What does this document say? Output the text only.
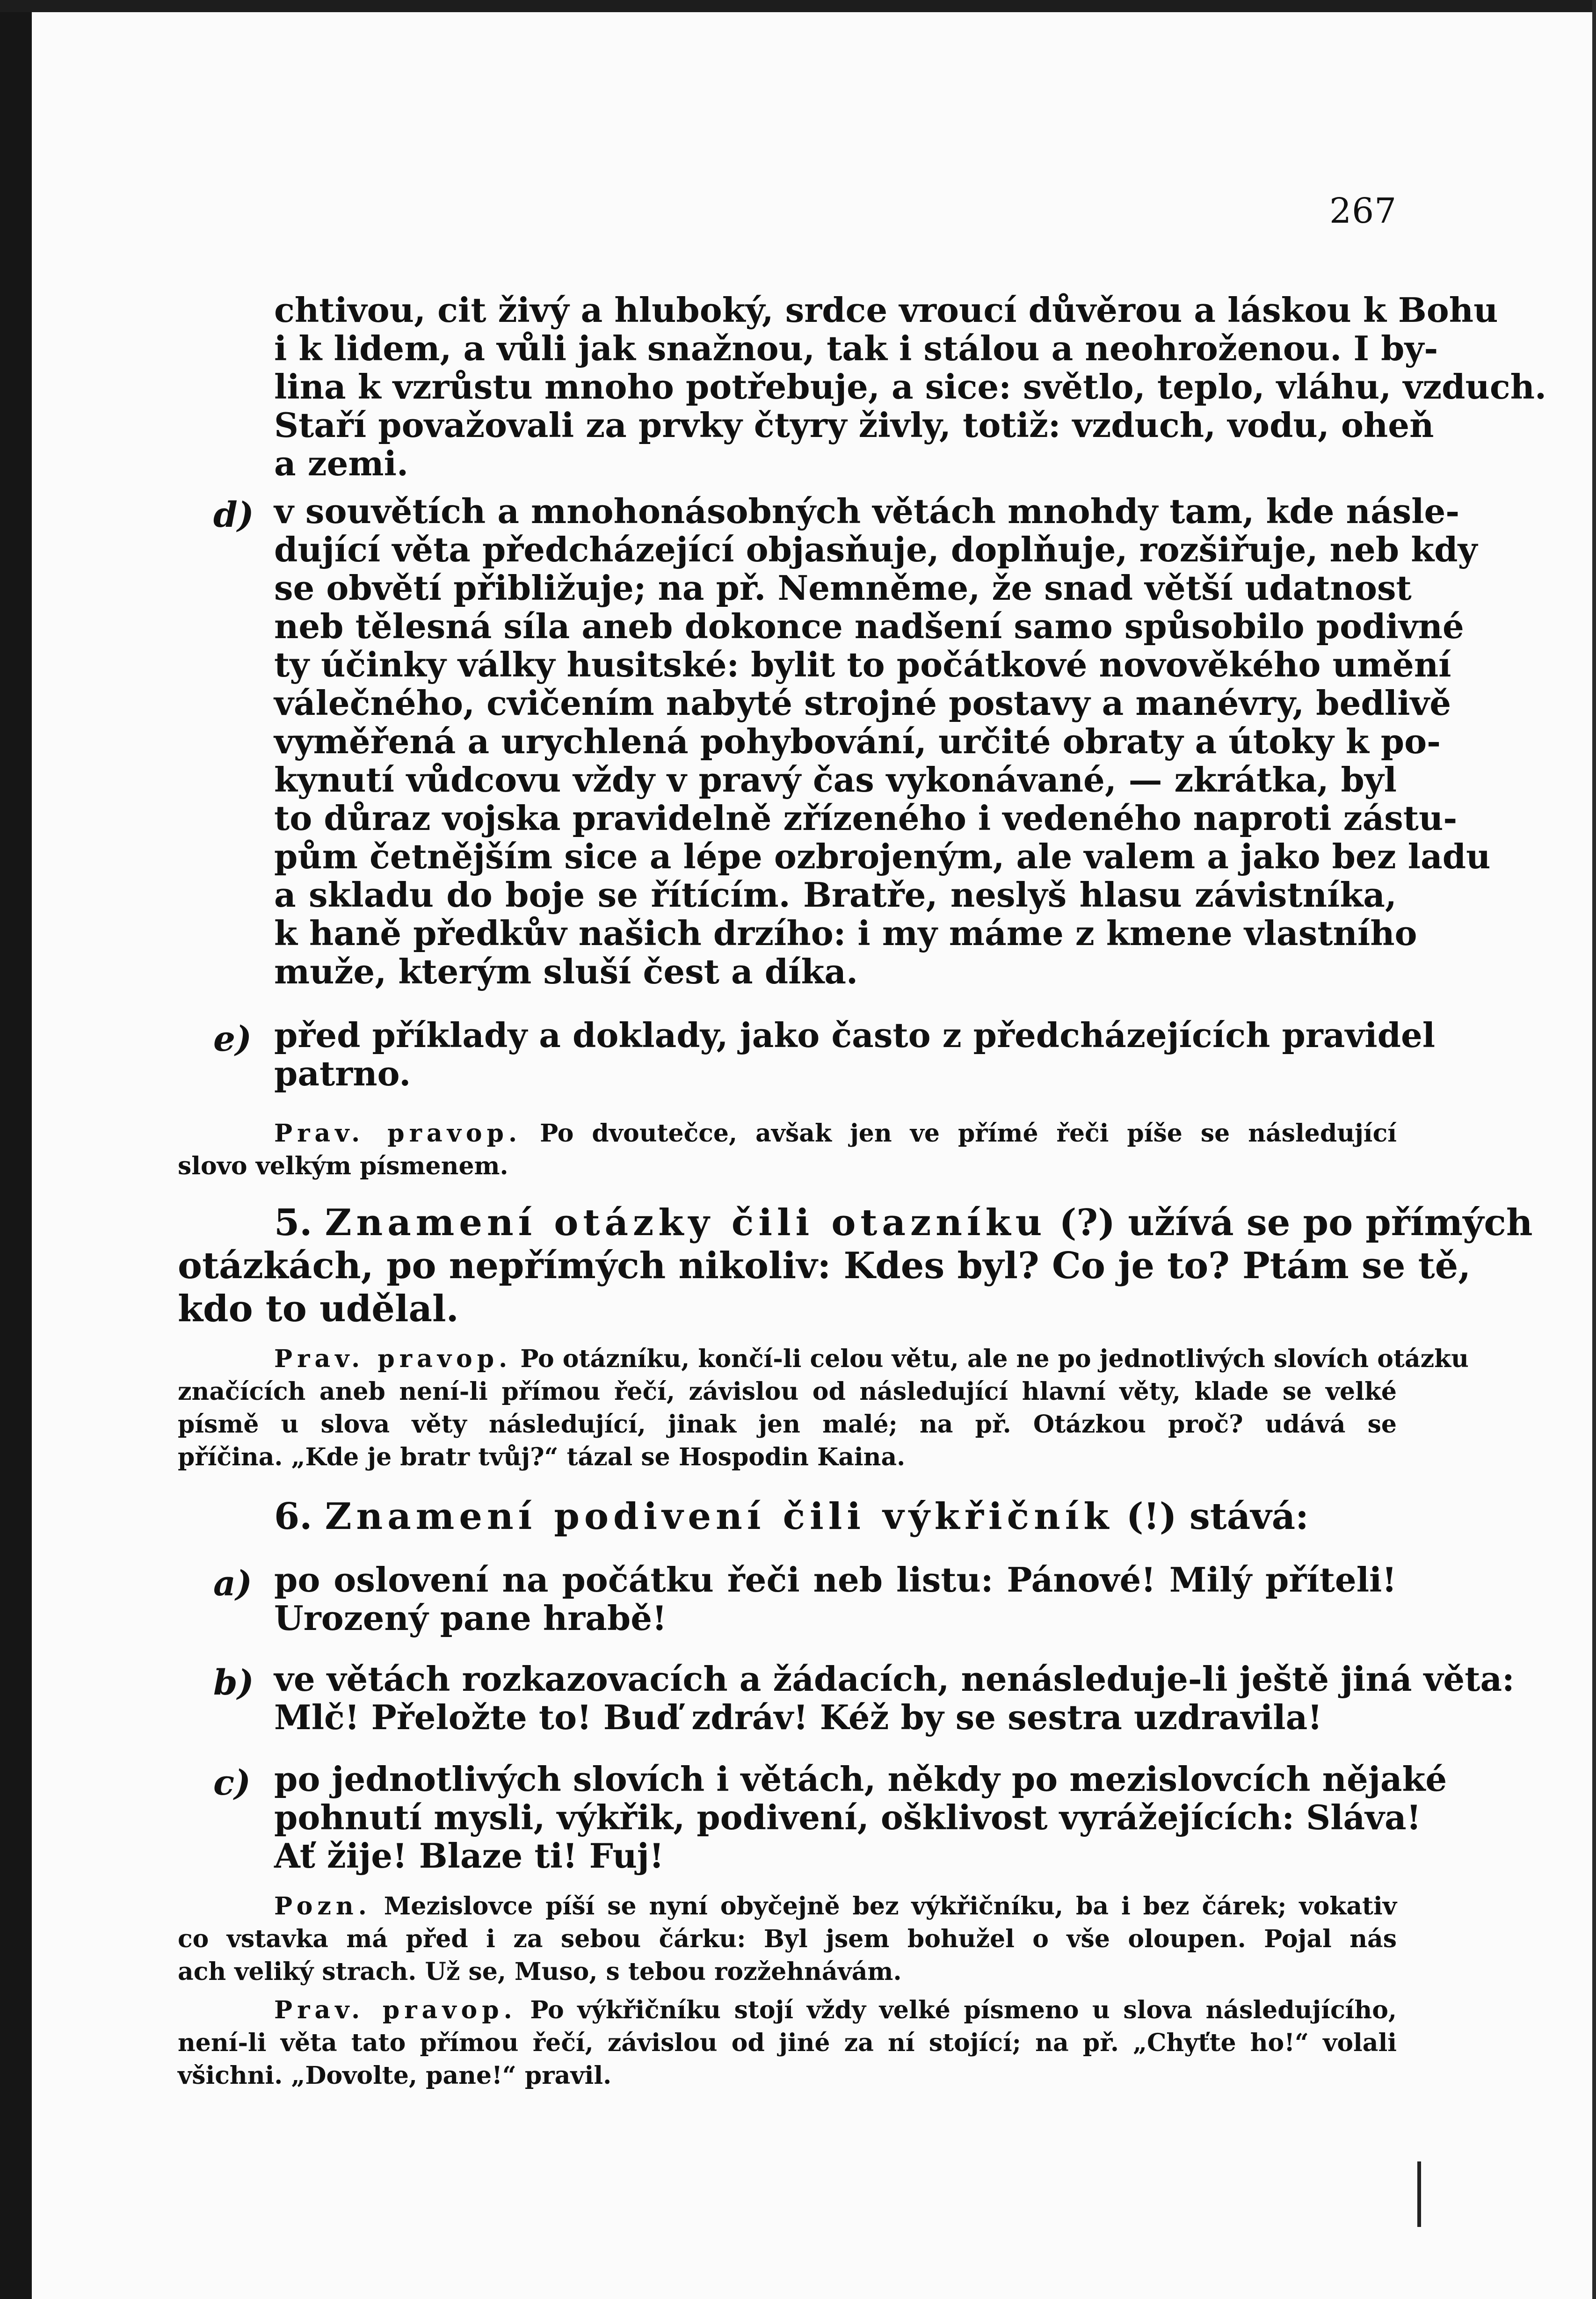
267
chtivou, cit živý a hluboký, srdce vroucí důvěrou a láskou k Bohu
i k lidem, a vůli jak snažnou, tak i stálou a neohroženou. I by-
lina k vzrůstu mnoho potřebuje, a sice: světlo, teplo, vláhu, vzduch.
Staří považovali za prvky čtyry živly, totiž: vzduch, vodu, oheň
a zemi.
d) v souvětích a mnohonásobných větách mnohdy tam, kde násle-
dující věta předcházející objasňuje, doplňuje, rozšiřuje, neb kdy
se obvětí přibližuje; na př. Nemněme, že snad větší udatnost
neb tělesná síla aneb dokonce nadšení samo spůsobilo podivné
ty účinky války husitské: bylit to počátkové novověkého umění
válečného, cvičením nabyté strojné postavy a manévry, bedlivě
vyměřená a urychlená pohybování, určité obraty a útoky k po-
kynutí vůdcovu vždy v pravý čas vykonávané, — zkrátka, byl
to důraz vojska pravidelně zřízeného i vedeného naproti zástu-
pům četnějším sice a lépe ozbrojeným, ale valem a jako bez ladu
a skladu do boje se řítícím. Bratře, neslyš hlasu závistníka,
k haně předkův našich drzího: i my máme z kmene vlastního
muže, kterým sluší čest a díka.
e) před příklady a doklady, jako často z předcházejících pravidel
patrno.
Prav. pravop. Po dvoutečce, avšak jen ve přímé řeči píše se následující
slovo velkým písmenem.
5. Znamení otázky čili otazníku (?) užívá se po přímých
otázkách, po nepřímých nikoliv: Kdes byl? Co je to? Ptám se tě,
kdo to udělal.
Prav. pravop. Po otázníku, končí-li celou větu, ale ne po jednotlivých slovích otázku
značících aneb není-li přímou řečí, závislou od následující hlavní věty, klade se velké
písmě u slova věty následující, jinak jen malé; na př. Otázkou proč? udává se
příčina. „Kde je bratr tvůj?“ tázal se Hospodin Kaina.
6. Znamení podivení čili výkřičník (!) stává:
a) po oslovení na počátku řeči neb listu: Pánové! Milý příteli!
Urozený pane hrabě!
b) ve větách rozkazovacích a žádacích, nenásleduje-li ještě jiná věta:
Mlč! Přeložte to! Buď zdráv! Kéž by se sestra uzdravila!
c) po jednotlivých slovích i větách, někdy po mezislovcích nějaké
pohnutí mysli, výkřik, podivení, ošklivost vyrážejících: Sláva!
Ať žije! Blaze ti! Fuj!
Pozn. Mezislovce píší se nyní obyčejně bez výkřičníku, ba i bez čárek; vokativ
co vstavka má před i za sebou čárku: Byl jsem bohužel o vše oloupen. Pojal nás
ach veliký strach. Už se, Muso, s tebou rozžehnávám.
Prav. pravop. Po výkřičníku stojí vždy velké písmeno u slova následujícího,
není-li věta tato přímou řečí, závislou od jiné za ní stojící; na př. „Chyťte ho!“ volali
všichni. „Dovolte, pane!“ pravil.
